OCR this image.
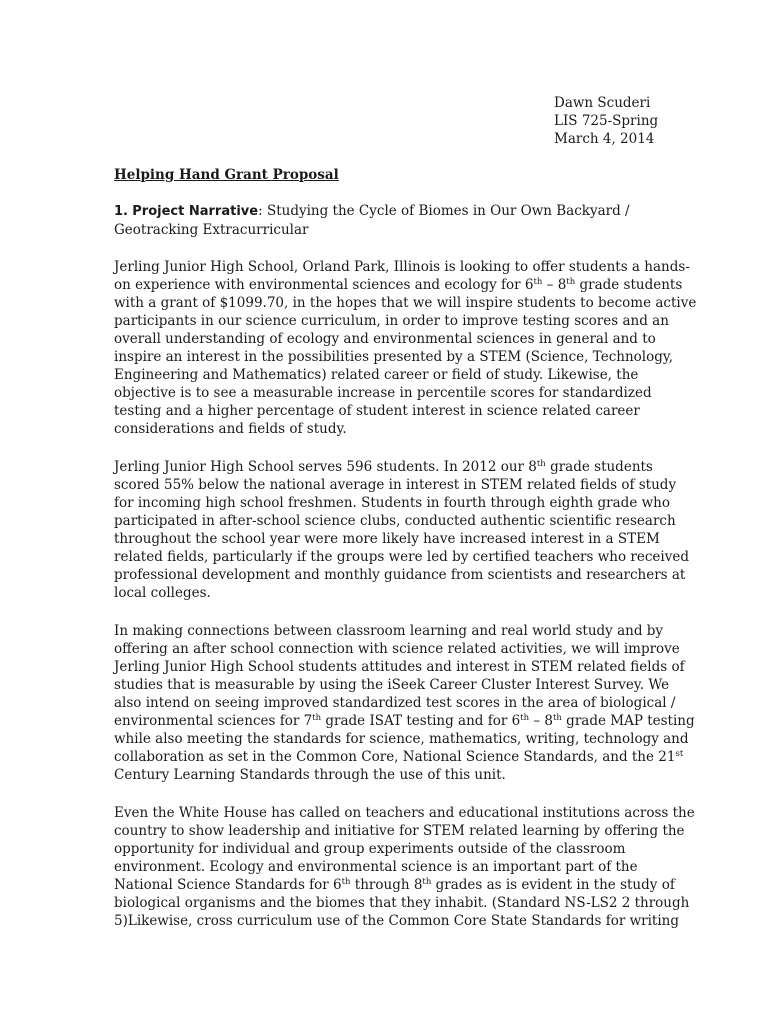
Dawn Scuderi
LIS 725-Spring
March 4, 2014
Helping Hand Grant Proposal
1. Project Narrative: Studying the Cycle of Biomes in Our Own Backyard /
Geotracking Extracurricular
Jerling Junior High School, Orland Park, Illinois is looking to offer students a hands-
on experience with environmental sciences and ecology for 6th – 8th grade students
with a grant of $1099.70, in the hopes that we will inspire students to become active
participants in our science curriculum, in order to improve testing scores and an
overall understanding of ecology and environmental sciences in general and to
inspire an interest in the possibilities presented by a STEM (Science, Technology,
Engineering and Mathematics) related career or field of study. Likewise, the
objective is to see a measurable increase in percentile scores for standardized
testing and a higher percentage of student interest in science related career
considerations and fields of study.
Jerling Junior High School serves 596 students. In 2012 our 8th grade students
scored 55% below the national average in interest in STEM related fields of study
for incoming high school freshmen. Students in fourth through eighth grade who
participated in after-school science clubs, conducted authentic scientific research
throughout the school year were more likely have increased interest in a STEM
related fields, particularly if the groups were led by certified teachers who received
professional development and monthly guidance from scientists and researchers at
local colleges.
In making connections between classroom learning and real world study and by
offering an after school connection with science related activities, we will improve
Jerling Junior High School students attitudes and interest in STEM related fields of
studies that is measurable by using the iSeek Career Cluster Interest Survey. We
also intend on seeing improved standardized test scores in the area of biological /
environmental sciences for 7th grade ISAT testing and for 6th – 8th grade MAP testing
while also meeting the standards for science, mathematics, writing, technology and
collaboration as set in the Common Core, National Science Standards, and the 21st
Century Learning Standards through the use of this unit.
Even the White House has called on teachers and educational institutions across the
country to show leadership and initiative for STEM related learning by offering the
opportunity for individual and group experiments outside of the classroom
environment. Ecology and environmental science is an important part of the
National Science Standards for 6th through 8th grades as is evident in the study of
biological organisms and the biomes that they inhabit. (Standard NS-LS2 2 through
5)Likewise, cross curriculum use of the Common Core State Standards for writing
